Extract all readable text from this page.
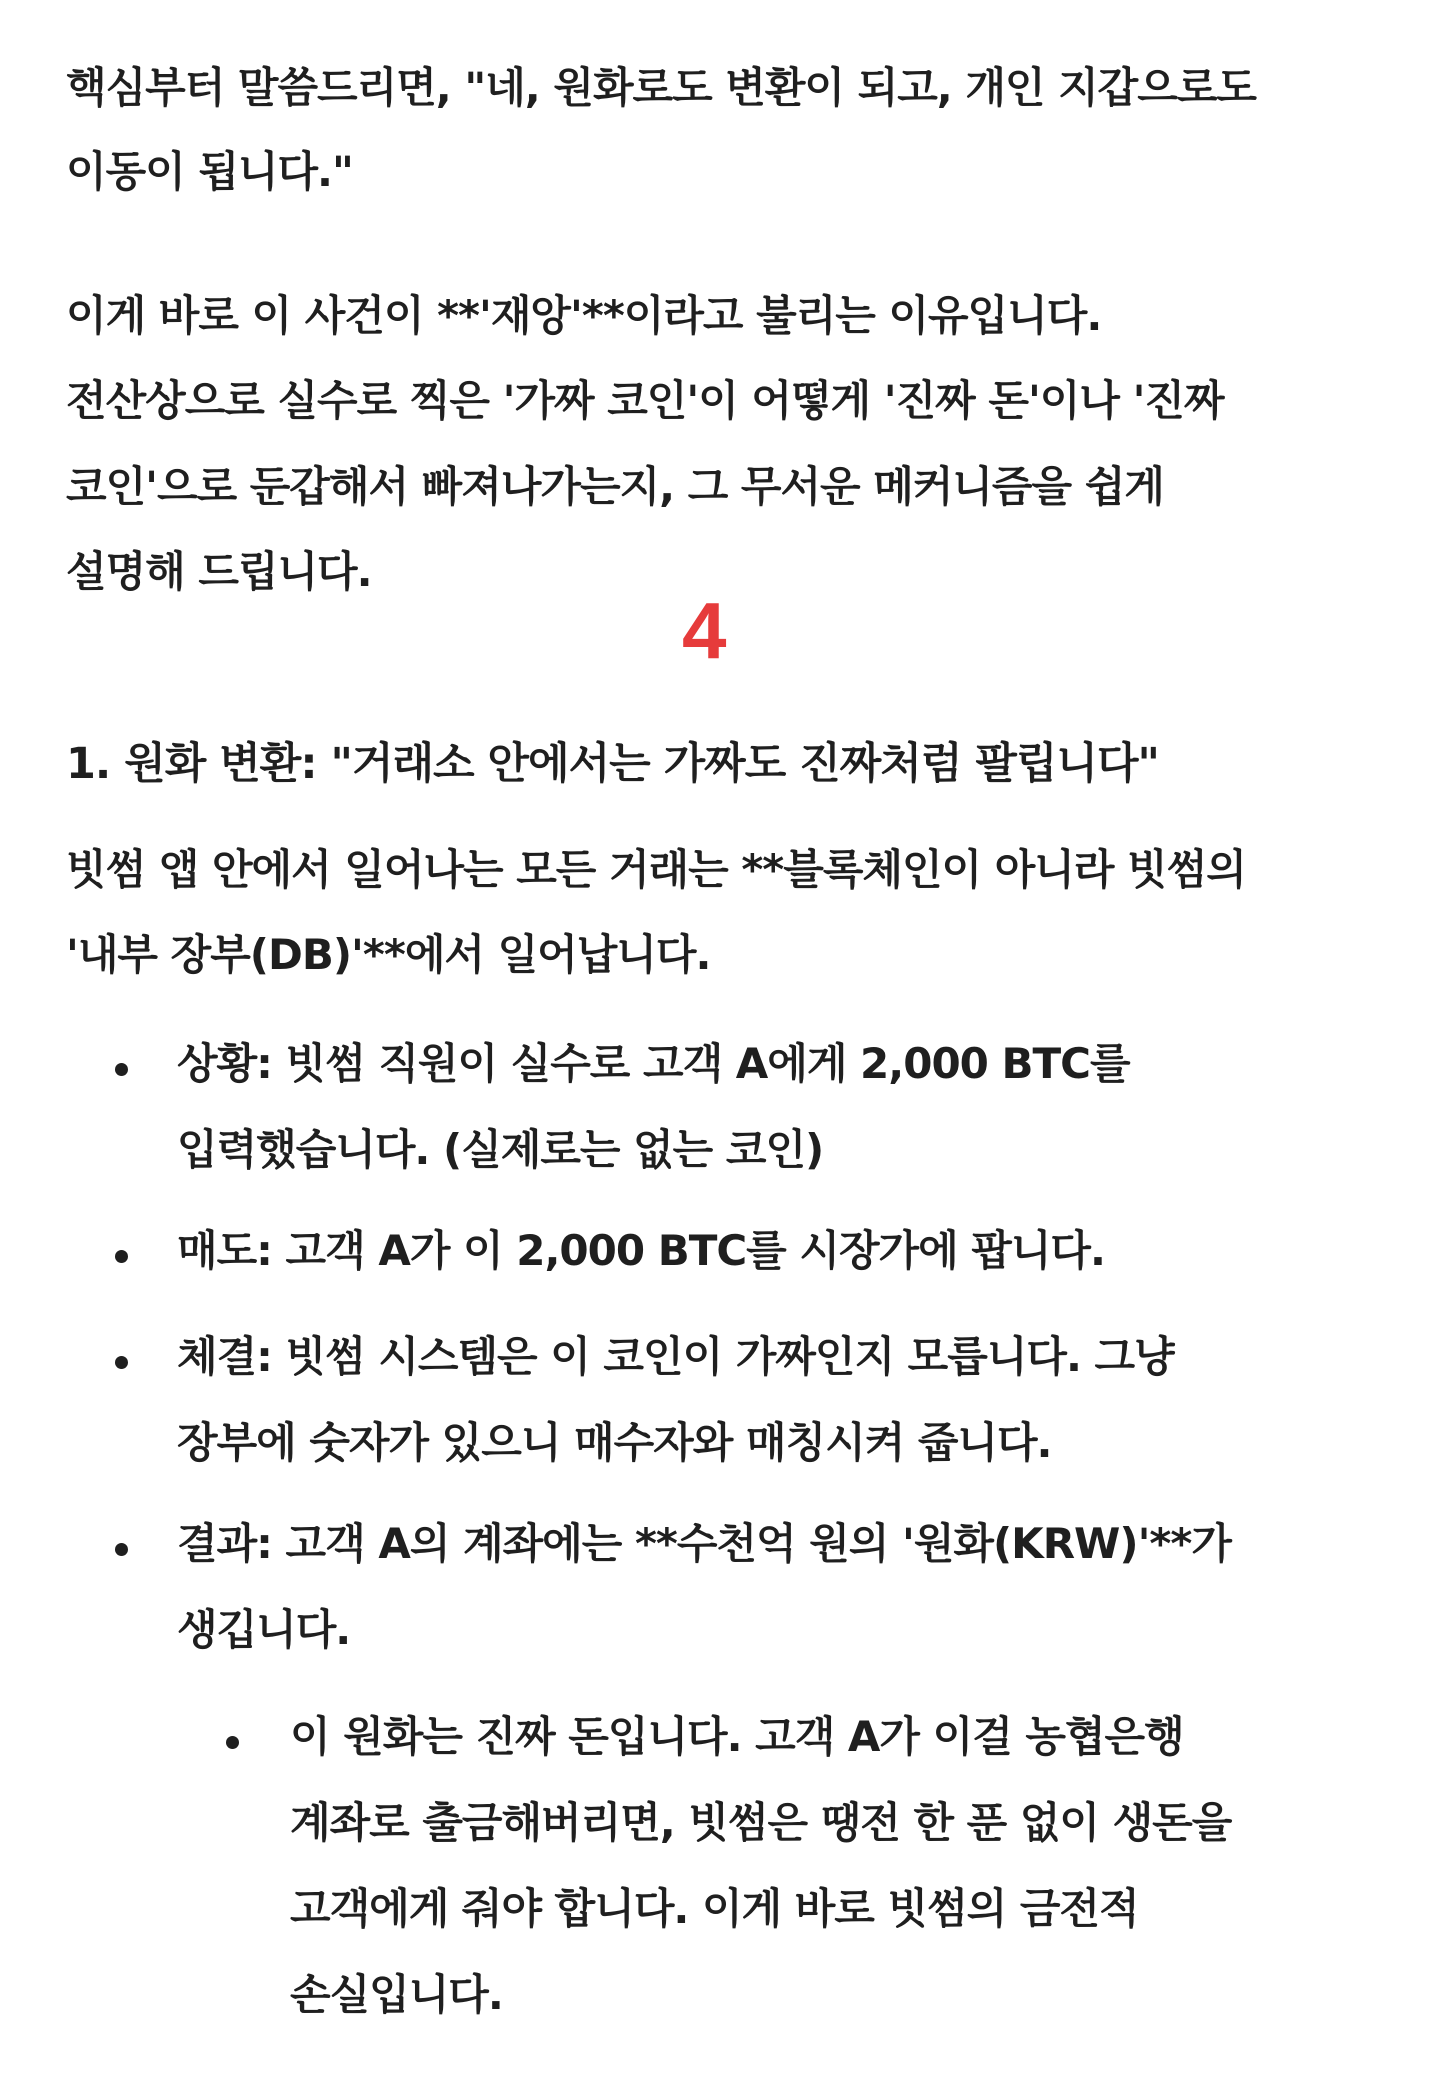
핵심부터 말씀드리면, "네, 원화로도 변환이 되고, 개인 지갑으로도
이동이 됩니다."
이게 바로 이 사건이 **'재앙'**이라고 불리는 이유입니다.
전산상으로 실수로 찍은 '가짜 코인'이 어떻게 '진짜 돈'이나 '진짜
코인'으로 둔갑해서 빠져나가는지, 그 무서운 메커니즘을 쉽게
설명해 드립니다.
4
1. 원화 변환: "거래소 안에서는 가짜도 진짜처럼 팔립니다"
빗썸 앱 안에서 일어나는 모든 거래는 **블록체인이 아니라 빗썸의
'내부 장부(DB)'**에서 일어납니다.
상황: 빗썸 직원이 실수로 고객 A에게 2,000 BTC를
입력했습니다. (실제로는 없는 코인)
매도: 고객 A가 이 2,000 BTC를 시장가에 팝니다.
체결: 빗썸 시스템은 이 코인이 가짜인지 모릅니다. 그냥
장부에 숫자가 있으니 매수자와 매칭시켜 줍니다.
결과: 고객 A의 계좌에는 **수천억 원의 '원화(KRW)'**가
생깁니다.
이 원화는 진짜 돈입니다. 고객 A가 이걸 농협은행
계좌로 출금해버리면, 빗썸은 땡전 한 푼 없이 생돈을
고객에게 줘야 합니다. 이게 바로 빗썸의 금전적
손실입니다.
